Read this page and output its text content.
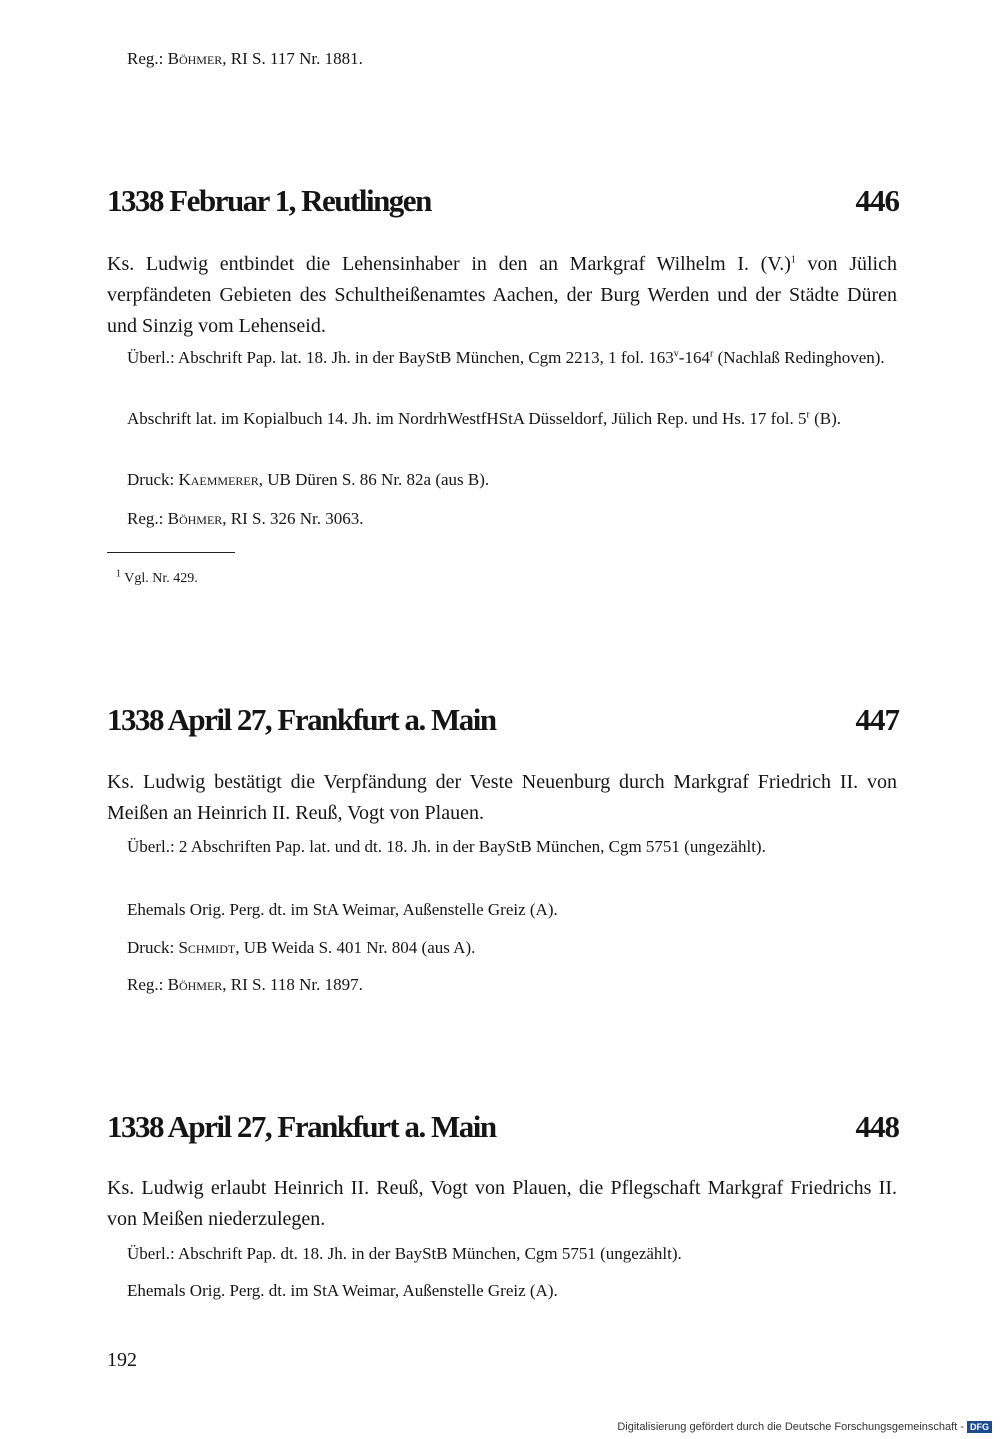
Reg.: Böhmer, RI S. 117 Nr. 1881.
1338 Februar 1, Reutlingen	446
Ks. Ludwig entbindet die Lehensinhaber in den an Markgraf Wilhelm I. $(V.)^1$ von Jülich verpfändeten Gebieten des Schultheißenamtes Aachen, der Burg Werden und der Städte Düren und Sinzig vom Lehenseid.
Überl.: Abschrift Pap. lat. 18. Jh. in der BayStB München, Cgm 2213, 1 fol. 163$^v$-164$^r$ (Nachlaß Redinghoven).
Abschrift lat. im Kopialbuch 14. Jh. im NordrhWestfHStA Düsseldorf, Jülich Rep. und Hs. 17 fol. 5$^r$ (B).
Druck: Kaemmerer, UB Düren S. 86 Nr. 82a (aus B).
Reg.: Böhmer, RI S. 326 Nr. 3063.
$^1$ Vgl. Nr. 429.
1338 April 27, Frankfurt a. Main	447
Ks. Ludwig bestätigt die Verpfändung der Veste Neuenburg durch Markgraf Friedrich II. von Meißen an Heinrich II. Reuß, Vogt von Plauen.
Überl.: 2 Abschriften Pap. lat. und dt. 18. Jh. in der BayStB München, Cgm 5751 (ungezählt).
Ehemals Orig. Perg. dt. im StA Weimar, Außenstelle Greiz (A).
Druck: Schmidt, UB Weida S. 401 Nr. 804 (aus A).
Reg.: Böhmer, RI S. 118 Nr. 1897.
1338 April 27, Frankfurt a. Main	448
Ks. Ludwig erlaubt Heinrich II. Reuß, Vogt von Plauen, die Pflegschaft Markgraf Friedrichs II. von Meißen niederzulegen.
Überl.: Abschrift Pap. dt. 18. Jh. in der BayStB München, Cgm 5751 (ungezählt).
Ehemals Orig. Perg. dt. im StA Weimar, Außenstelle Greiz (A).
192
Digitalisierung gefördert durch die Deutsche Forschungsgemeinschaft - DFG
